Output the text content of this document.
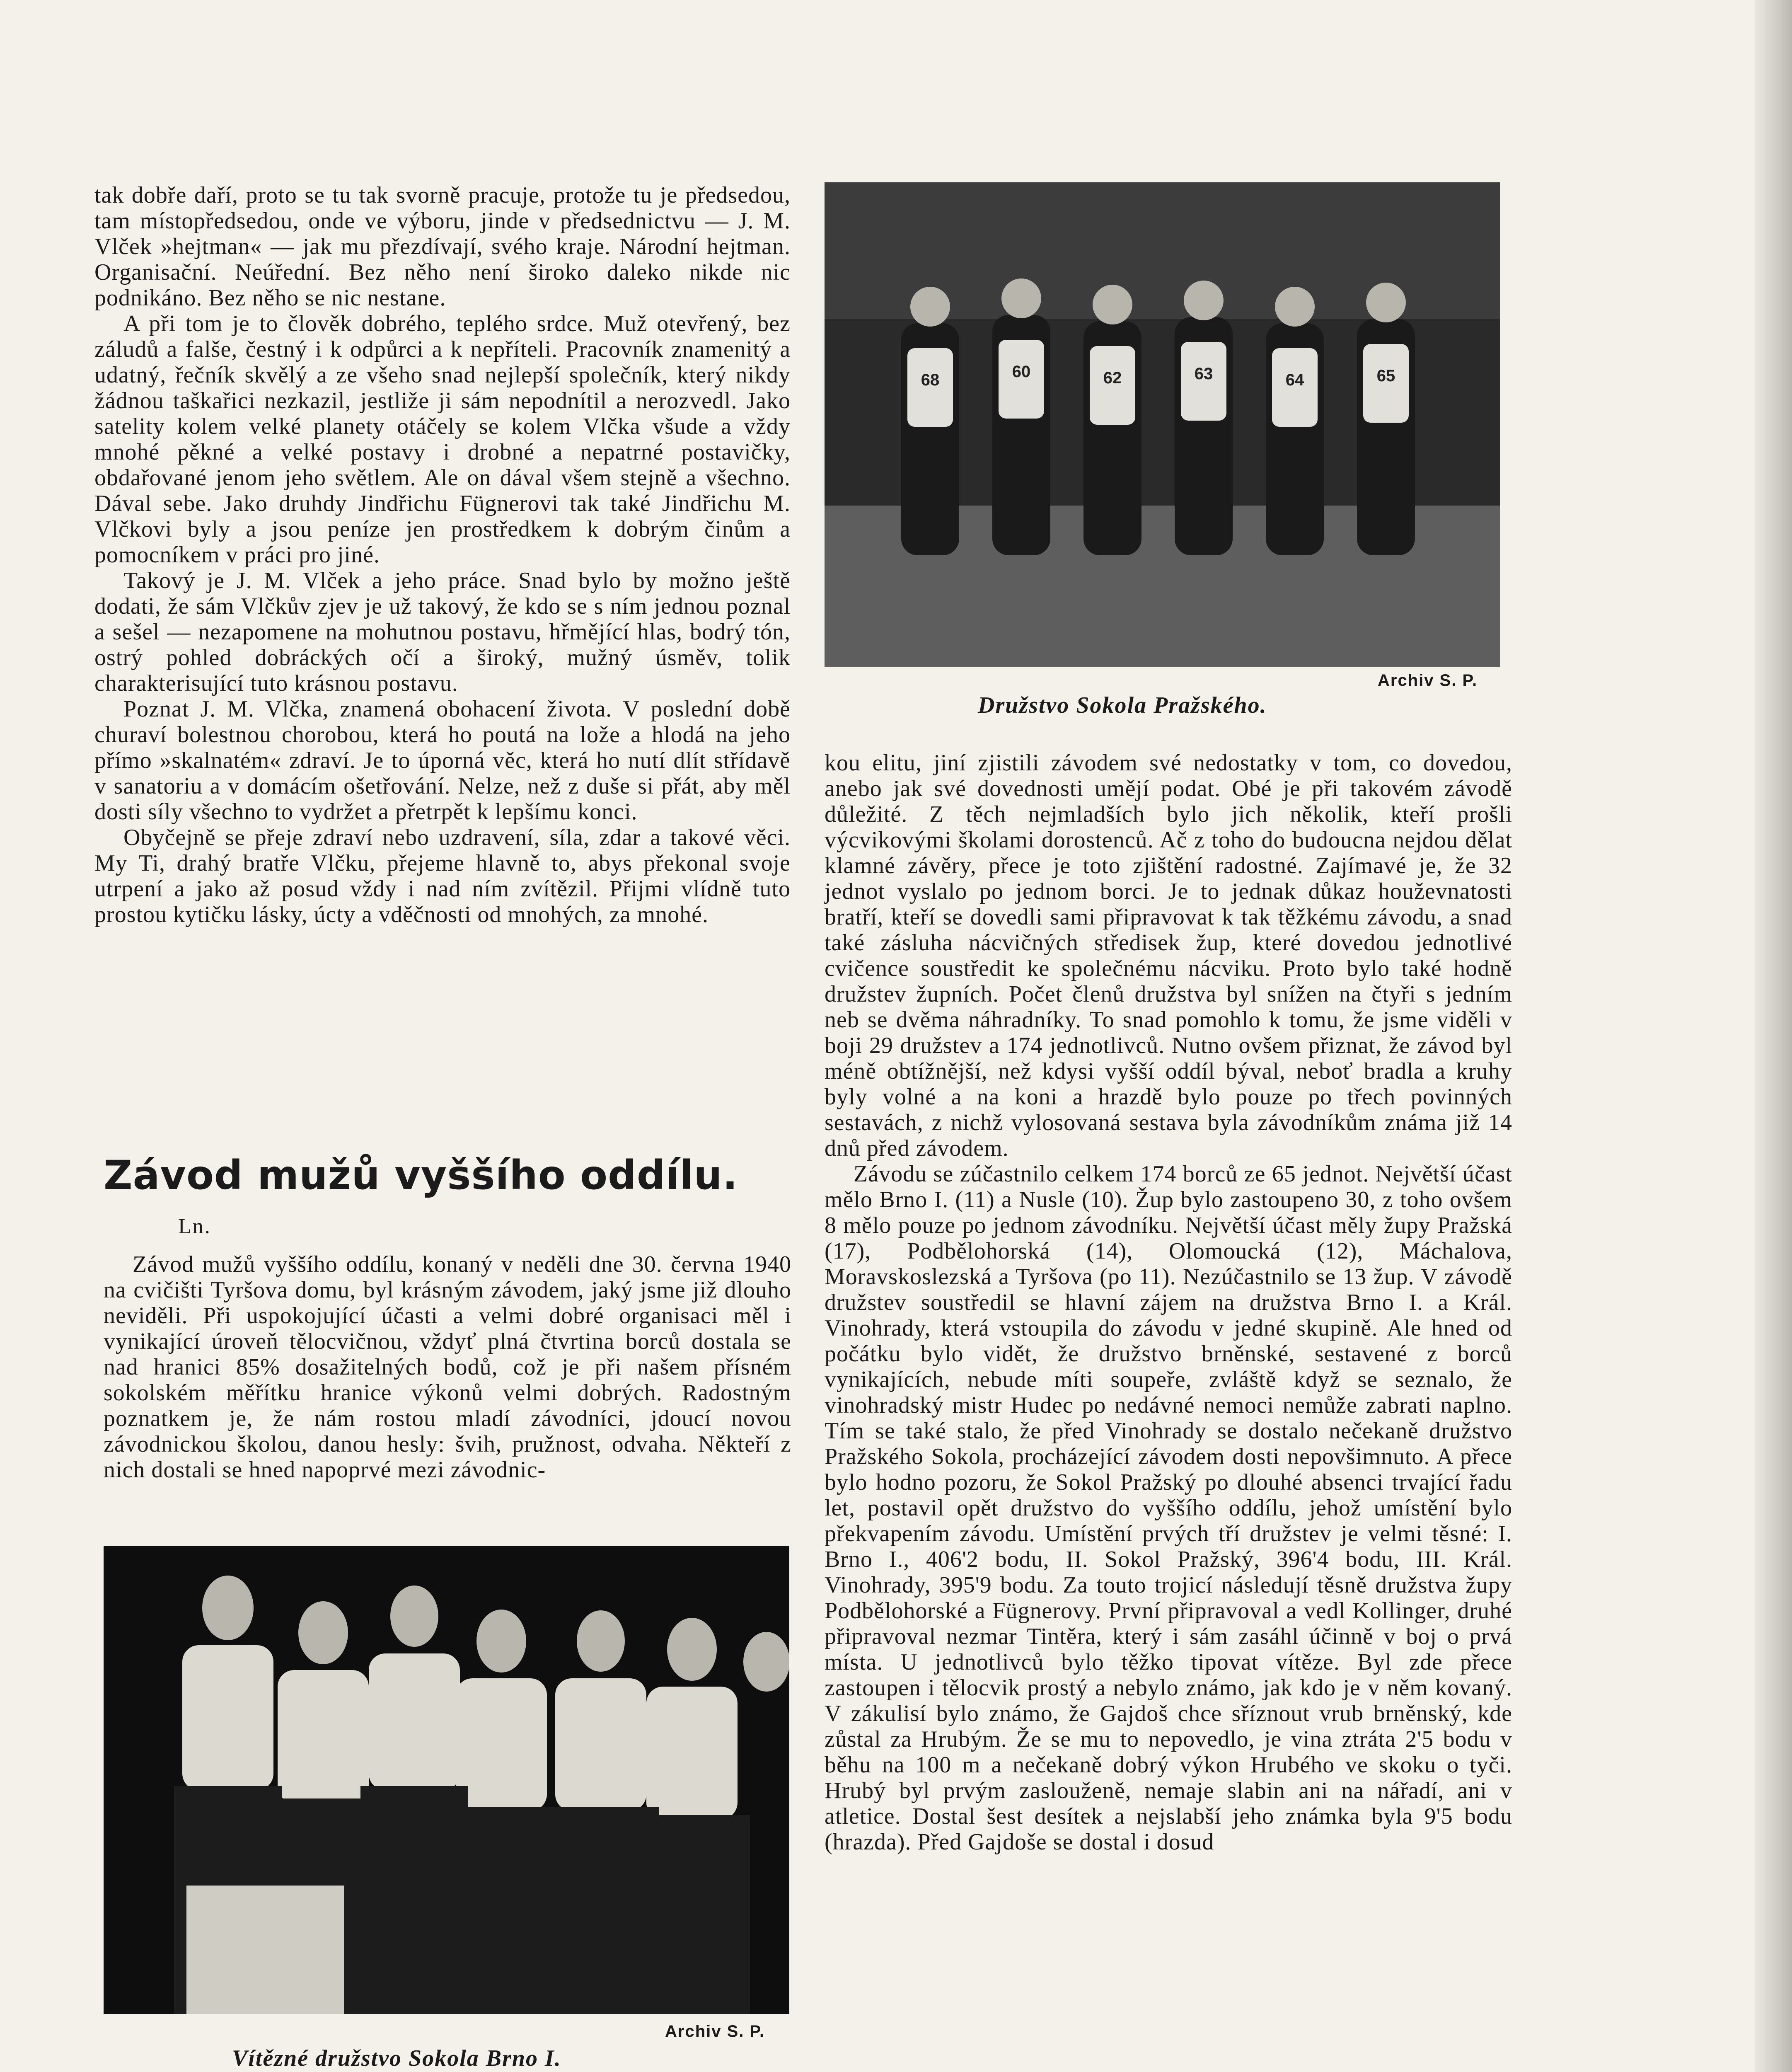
tak dobře daří, proto se tu tak svorně pracuje, protože tu je předsedou, tam místopředsedou, onde ve výboru, jinde v předsednictvu — J. M. Vlček »hejtman« — jak mu přezdívají, svého kraje. Národní hejtman. Organisační. Neúřední. Bez něho není široko daleko nikde nic podnikáno. Bez něho se nic nestane.

A při tom je to člověk dobrého, teplého srdce. Muž otevřený, bez záludů a falše, čestný i k odpůrci a k nepříteli. Pracovník znamenitý a udatný, řečník skvělý a ze všeho snad nejlepší společník, který nikdy žádnou taškařici nezkazil, jestliže ji sám nepodnítil a nerozvedl. Jako satelity kolem velké planety otáčely se kolem Vlčka všude a vždy mnohé pěkné a velké postavy i drobné a nepatrné postavičky, obdařované jenom jeho světlem. Ale on dával všem stejně a všechno. Dával sebe. Jako druhdy Jindřichu Fügnerovi tak také Jindřichu M. Vlčkovi byly a jsou peníze jen prostředkem k dobrým činům a pomocníkem v práci pro jiné.

Takový je J. M. Vlček a jeho práce. Snad bylo by možno ještě dodati, že sám Vlčkův zjev je už takový, že kdo se s ním jednou poznal a sešel — nezapomene na mohutnou postavu, hřmějící hlas, bodrý tón, ostrý pohled dobráckých očí a široký, mužný úsměv, tolik charakterisující tuto krásnou postavu.

Poznat J. M. Vlčka, znamená obohacení života. V poslední době churaví bolestnou chorobou, která ho poutá na lože a hlodá na jeho přímo »skalnatém« zdraví. Je to úporná věc, která ho nutí dlít střídavě v sanatoriu a v domácím ošetřování. Nelze, než z duše si přát, aby měl dosti síly všechno to vydržet a přetrpět k lepšímu konci.

Obyčejně se přeje zdraví nebo uzdravení, síla, zdar a takové věci. My Ti, drahý bratře Vlčku, přejeme hlavně to, abys překonal svoje utrpení a jako až posud vždy i nad ním zvítězil. Přijmi vlídně tuto prostou kytičku lásky, úcty a vděčnosti od mnohých, za mnohé.

68	60	62	63	64	65
Archiv S. P.
Družstvo Sokola Pražského.
Závod mužů vyššího oddílu.
Ln.

Závod mužů vyššího oddílu, konaný v neděli dne 30. června 1940 na cvičišti Tyršova domu, byl krásným závodem, jaký jsme již dlouho neviděli. Při uspokojující účasti a velmi dobré organisaci měl i vynikající úroveň tělocvičnou, vždyť plná čtvrtina borců dostala se nad hranici 85% dosažitelných bodů, což je při našem přísném sokolském měřítku hranice výkonů velmi dobrých. Radostným poznatkem je, že nám rostou mladí závodníci, jdoucí novou závodnickou školou, danou hesly: švih, pružnost, odvaha. Někteří z nich dostali se hned napoprvé mezi závodnic-

Archiv S. P.
Vítězné družstvo Sokola Brno I.

kou elitu, jiní zjistili závodem své nedostatky v tom, co dovedou, anebo jak své dovednosti umějí podat. Obé je při takovém závodě důležité. Z těch nejmladších bylo jich několik, kteří prošli výcvikovými školami dorostenců. Ač z toho do budoucna nejdou dělat klamné závěry, přece je toto zjištění radostné. Zajímavé je, že 32 jednot vyslalo po jednom borci. Je to jednak důkaz houževnatosti bratří, kteří se dovedli sami připravovat k tak těžkému závodu, a snad také zásluha nácvičných středisek žup, které dovedou jednotlivé cvičence soustředit ke společnému nácviku. Proto bylo také hodně družstev župních. Počet členů družstva byl snížen na čtyři s jedním neb se dvěma náhradníky. To snad pomohlo k tomu, že jsme viděli v boji 29 družstev a 174 jednotlivců. Nutno ovšem přiznat, že závod byl méně obtížnější, než kdysi vyšší oddíl býval, neboť bradla a kruhy byly volné a na koni a hrazdě bylo pouze po třech povinných sestavách, z nichž vylosovaná sestava byla závodníkům známa již 14 dnů před závodem.

Závodu se zúčastnilo celkem 174 borců ze 65 jednot. Největší účast mělo Brno I. (11) a Nusle (10). Žup bylo zastoupeno 30, z toho ovšem 8 mělo pouze po jednom závodníku. Největší účast měly župy Pražská (17), Podbělohorská (14), Olomoucká (12), Máchalova, Moravskoslezská a Tyršova (po 11). Nezúčastnilo se 13 žup. V závodě družstev soustředil se hlavní zájem na družstva Brno I. a Král. Vinohrady, která vstoupila do závodu v jedné skupině. Ale hned od počátku bylo vidět, že družstvo brněnské, sestavené z borců vynikajících, nebude míti soupeře, zvláště když se seznalo, že vinohradský mistr Hudec po nedávné nemoci nemůže zabrati naplno. Tím se také stalo, že před Vinohrady se dostalo nečekaně družstvo Pražského Sokola, procházející závodem dosti nepovšimnuto. A přece bylo hodno pozoru, že Sokol Pražský po dlouhé absenci trvající řadu let, postavil opět družstvo do vyššího oddílu, jehož umístění bylo překvapením závodu. Umístění prvých tří družstev je velmi těsné: I. Brno I., 406'2 bodu, II. Sokol Pražský, 396'4 bodu, III. Král. Vinohrady, 395'9 bodu. Za touto trojicí následují těsně družstva župy Podbělohorské a Fügnerovy. První připravoval a vedl Kollinger, druhé připravoval nezmar Tintěra, který i sám zasáhl účinně v boj o prvá místa. U jednotlivců bylo těžko tipovat vítěze. Byl zde přece zastoupen i tělocvik prostý a nebylo známo, jak kdo je v něm kovaný. V zákulisí bylo známo, že Gajdoš chce sříznout vrub brněnský, kde zůstal za Hrubým. Že se mu to nepovedlo, je vina ztráta 2'5 bodu v běhu na 100 m a nečekaně dobrý výkon Hrubého ve skoku o tyči. Hrubý byl prvým zaslouženě, nemaje slabin ani na nářadí, ani v atletice. Dostal šest desítek a nejslabší jeho známka byla 9'5 bodu (hrazda). Před Gajdoše se dostal i dosud
